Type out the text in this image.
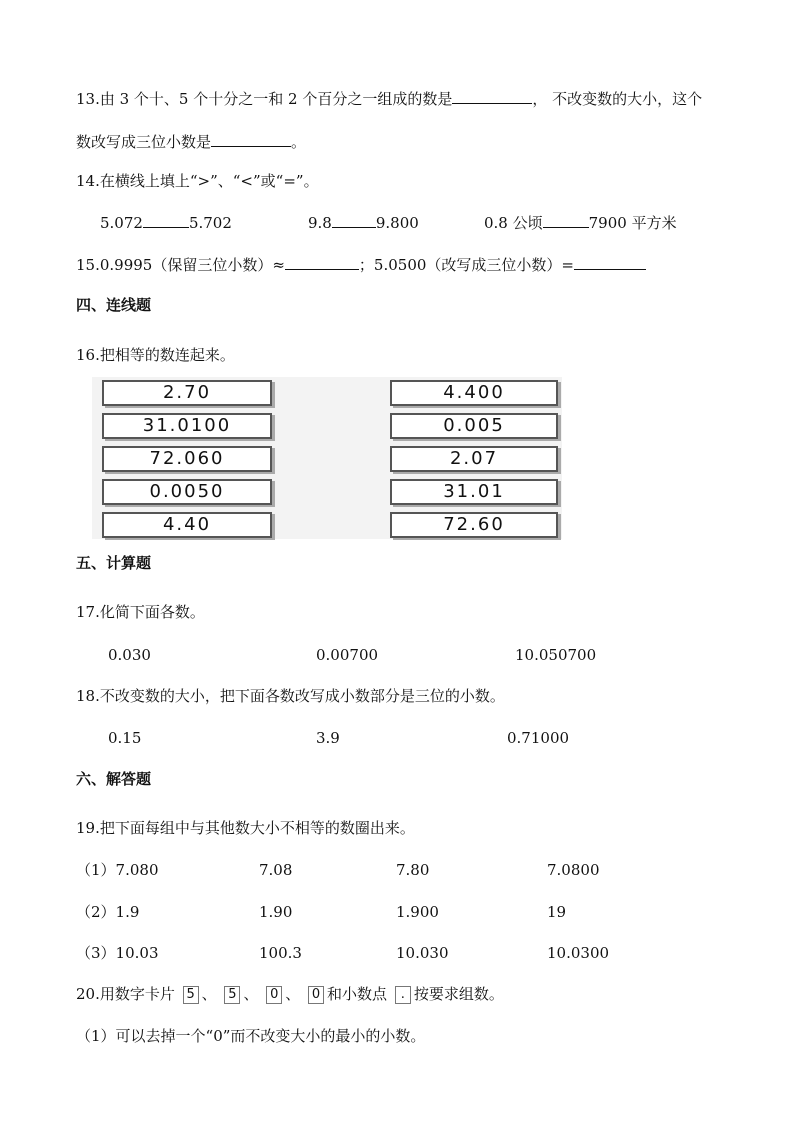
13.由 3 个十、5 个十分之一和 2 个百分之一组成的数是	， 不改变数的大小，这个
数改写成三位小数是	。
14.在横线上填上“>”、“<”或“=”。
5.072	5.702	9.8	9.800	0.8 公顷	7900 平方米
15.0.9995（保留三位小数）≈	；5.0500（改写成三位小数）=
四、连线题
16.把相等的数连起来。
2.70
31.0100
72.060
0.0050
4.40
4.400
0.005
2.07
31.01
72.60
五、计算题
17.化简下面各数。
0.030	0.00700	10.050700
18.不改变数的大小，把下面各数改写成小数部分是三位的小数。
0.15	3.9	0.71000
六、解答题
19.把下面每组中与其他数大小不相等的数圈出来。
（1）7.080	7.08	7.80	7.0800
（2）1.9	1.90	1.900	19
（3）10.03	100.3	10.030	10.0300
20.用数字卡片 5 、 5 、 0 、 0 和小数点 . 按要求组数。
（1）可以去掉一个“0”而不改变大小的最小的小数。
